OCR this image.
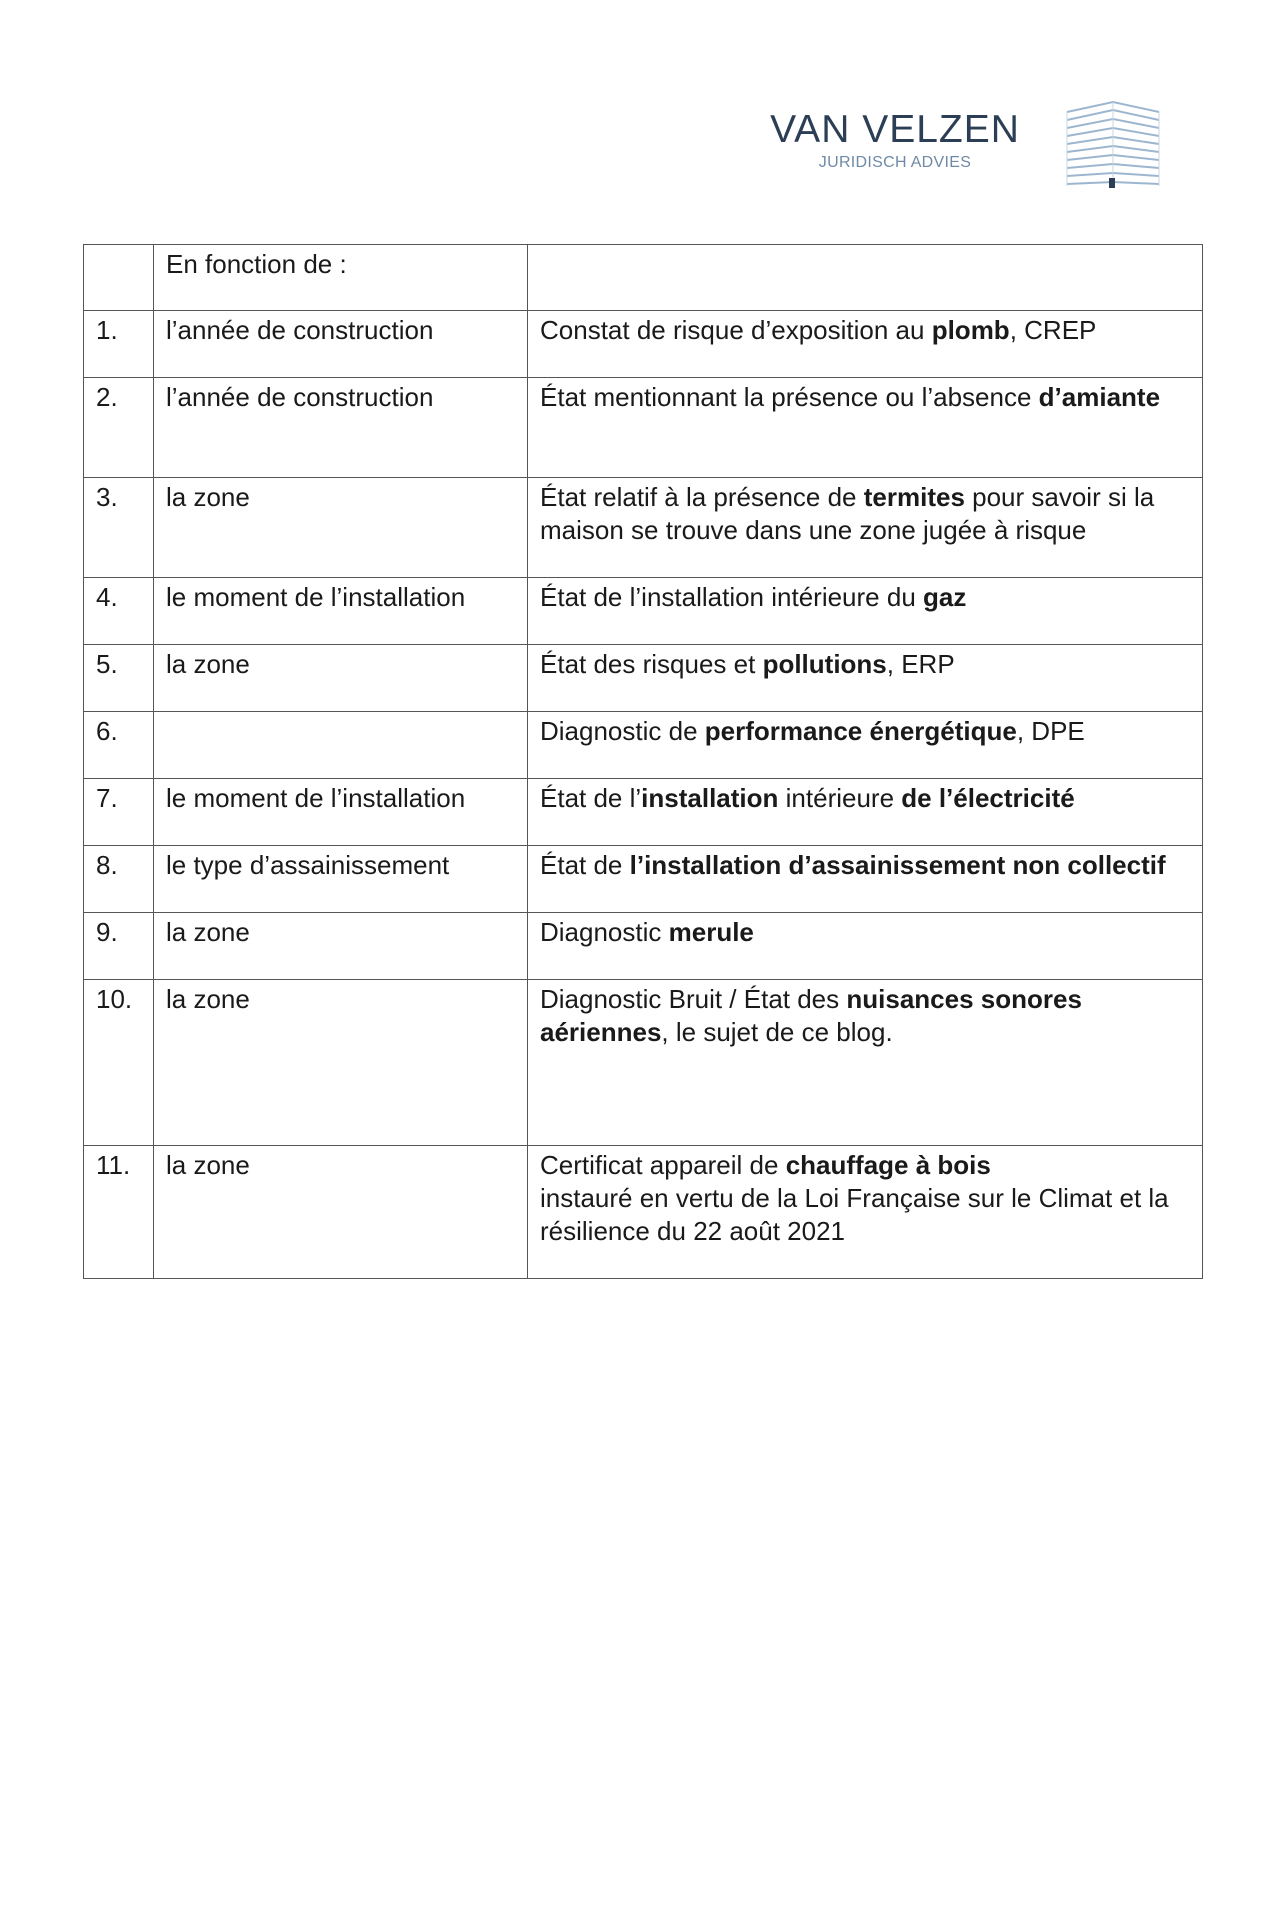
VAN VELZEN
JURIDISCH ADVIES
	En fonction de :	
1.	l’année de construction	Constat de risque d’exposition au plomb, CREP
2.	l’année de construction	État mentionnant la présence ou l’absence d’amiante
3.	la zone	État relatif à la présence de termites pour savoir si la maison se trouve dans une zone jugée à risque
4.	le moment de l’installation	État de l’installation intérieure du gaz
5.	la zone	État des risques et pollutions, ERP
6.		Diagnostic de performance énergétique, DPE
7.	le moment de l’installation	État de l’installation intérieure de l’électricité
8.	le type d’assainissement	État de l’installation d’assainissement non collectif
9.	la zone	Diagnostic merule
10.	la zone	Diagnostic Bruit / État des nuisances sonores aériennes, le sujet de ce blog.
11.	la zone	Certificat appareil de chauffage à bois
instauré en vertu de la Loi Française sur le Climat et la résilience du 22 août 2021
